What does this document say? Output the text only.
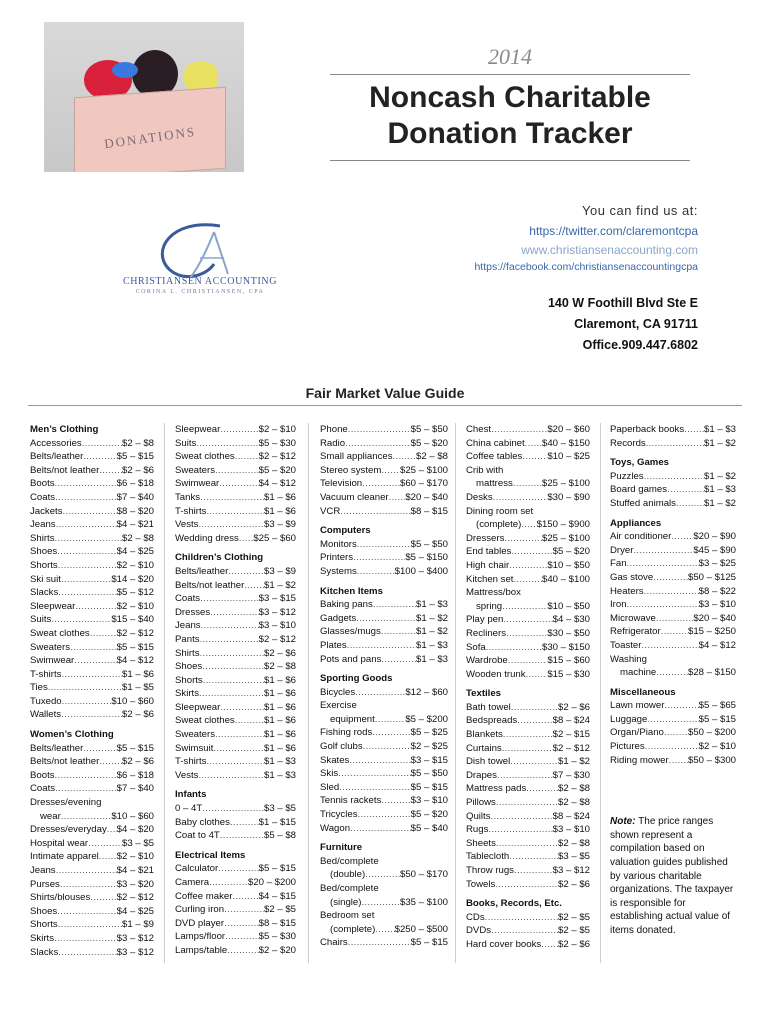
DONATIONS
2014
Noncash Charitable
Donation Tracker
CHRISTIANSEN ACCOUNTING
CORINA L. CHRISTIANSEN, CPA
You can find us at:
https://twitter.com/claremontcpa
www.christiansenaccounting.com
https://facebook.com/christiansenaccountingcpa
140 W Foothill Blvd Ste E
Claremont, CA 91711
Office.909.447.6802
Fair Market Value Guide
Men’s Clothing
Accessories .....	$2 – $8
Belts/leather .....	$5 – $15
Belts/not leather ..... $2 – $6
Boots .....	$6 – $18
Coats .....	$7 – $40
Jackets .....	$8 – $20
Jeans .....	$4 – $21
Shirts .....	$2 – $8
Shoes .....	$4 – $25
Shorts .....	$2 – $10
Ski suit .....	$14 – $20
Slacks .....	$5 – $12
Sleepwear .....	$2 – $10
Suits .....	$15 – $40
Sweat clothes .....	$2 – $12
Sweaters .....	$5 – $15
Swimwear .....	$4 – $12
T-shirts .....	$1 – $6
Ties .....	$1 – $5
Tuxedo .....	$10 – $60
Wallets .....	$2 – $6
Women’s Clothing
Belts/leather .....	$5 – $15
Belts/not leather ..... $2 – $6
Boots .....	$6 – $18
Coats .....	$7 – $40
Dresses/evening
wear .....	$10 – $60
Dresses/everyday ..... $4 – $20
Hospital wear .....	$3 – $5
Intimate apparel ..... $2 – $10
Jeans .....	$4 – $21
Purses .....	$3 – $20
Shirts/blouses .....	$2 – $12
Shoes .....	$4 – $25
Shorts .....	$1 – $9
Skirts .....	$3 – $12
Slacks .....	$3 – $12
Sleepwear .....	$2 – $10
Suits .....	$5 – $30
Sweat clothes ..... $2 – $12
Sweaters .....	$5 – $20
Swimwear .....	$4 – $12
Tanks .....	$1 – $6
T-shirts .....	$1 – $6
Vests .....	$3 – $9
Wedding dress ..... $25 – $60
Children’s Clothing
Belts/leather .....	$3 – $9
Belts/not leather ..... $1 – $2
Coats .....	$3 – $15
Dresses .....	$3 – $12
Jeans .....	$3 – $10
Pants .....	$2 – $12
Shirts .....	$2 – $6
Shoes .....	$2 – $8
Shorts .....	$1 – $6
Skirts .....	$1 – $6
Sleepwear .....	$1 – $6
Sweat clothes .....	$1 – $6
Sweaters .....	$1 – $6
Swimsuit .....	$1 – $6
T-shirts .....	$1 – $3
Vests .....	$1 – $3
Infants
0 – 4T .....	$3 – $5
Baby clothes .....	$1 – $15
Coat to 4T .....	$5 – $8
Electrical Items
Calculator .....	$5 – $15
Camera .....	$20 – $200
Coffee maker .....	$4 – $15
Curling iron .....	$2 – $5
DVD player .....	$8 – $15
Lamps/floor .....	$5 – $30
Lamps/table .....	$2 – $20
Phone .....	$5 – $50
Radio .....	$5 – $20
Small appliances ..... $2 – $8
Stereo system ..... $25 – $100
Television .....	$60 – $170
Vacuum cleaner ..... $20 – $40
VCR .....	$8 – $15
Computers
Monitors .....	$5 – $50
Printers .....	$5 – $150
Systems .....	$100 – $400
Kitchen Items
Baking pans .....	$1 – $3
Gadgets .....	$1 – $2
Glasses/mugs .....	$1 – $2
Plates .....	$1 – $3
Pots and pans .....	$1 – $3
Sporting Goods
Bicycles .....	$12 – $60
Exercise
equipment .....	$5 – $200
Fishing rods .....	$5 – $25
Golf clubs .....	$2 – $25
Skates .....	$3 – $15
Skis .....	$5 – $50
Sled .....	$5 – $15
Tennis rackets .....	$3 – $10
Tricycles .....	$5 – $20
Wagon .....	$5 – $40
Furniture
Bed/complete
(double) .....	$50 – $170
Bed/complete
(single) .....	$35 – $100
Bedroom set
(complete) ..... $250 – $500
Chairs .....	$5 – $15
Chest .....	$20 – $60
China cabinet ..... $40 – $150
Coffee tables .....	$10 – $25
Crib with
mattress .....	$25 – $100
Desks .....	$30 – $90
Dining room set
(complete) ..... $150 – $900
Dressers .....	$25 – $100
End tables .....	$5 – $20
High chair .....	$10 – $50
Kitchen set .....	$40 – $100
Mattress/box
spring .....	$10 – $50
Play pen .....	$4 – $30
Recliners .....	$30 – $50
Sofa .....	$30 – $150
Wardrobe .....	$15 – $60
Wooden trunk ..... $15 – $30
Textiles
Bath towel .....	$2 – $6
Bedspreads .....	$8 – $24
Blankets .....	$2 – $15
Curtains .....	$2 – $12
Dish towel .....	$1 – $2
Drapes .....	$7 – $30
Mattress pads .....	$2 – $8
Pillows .....	$2 – $8
Quilts .....	$8 – $24
Rugs .....	$3 – $10
Sheets .....	$2 – $8
Tablecloth .....	$3 – $5
Throw rugs .....	$3 – $12
Towels .....	$2 – $6
Books, Records, Etc.
CDs .....	$2 – $5
DVDs .....	$2 – $5
Hard cover books ..... $2 – $6
Paperback books ..... $1 – $3
Records .....	$1 – $2
Toys, Games
Puzzles .....	$1 – $2
Board games .....	$1 – $3
Stuffed animals .....	$1 – $2
Appliances
Air conditioner ..... $20 – $90
Dryer .....	$45 – $90
Fan .....	$3 – $25
Gas stove .....	$50 – $125
Heaters .....	$8 – $22
Iron .....	$3 – $10
Microwave .....	$20 – $40
Refrigerator .....	$15 – $250
Toaster .....	$4 – $12
Washing
machine .....	$28 – $150
Miscellaneous
Lawn mower .....	$5 – $65
Luggage .....	$5 – $15
Organ/Piano .....	$50 – $200
Pictures .....	$2 – $10
Riding mower ..... $50 – $300
Note: The price ranges shown represent a compilation based on valuation guides published by various charitable organizations. The taxpayer is responsible for establishing actual value of items donated.
